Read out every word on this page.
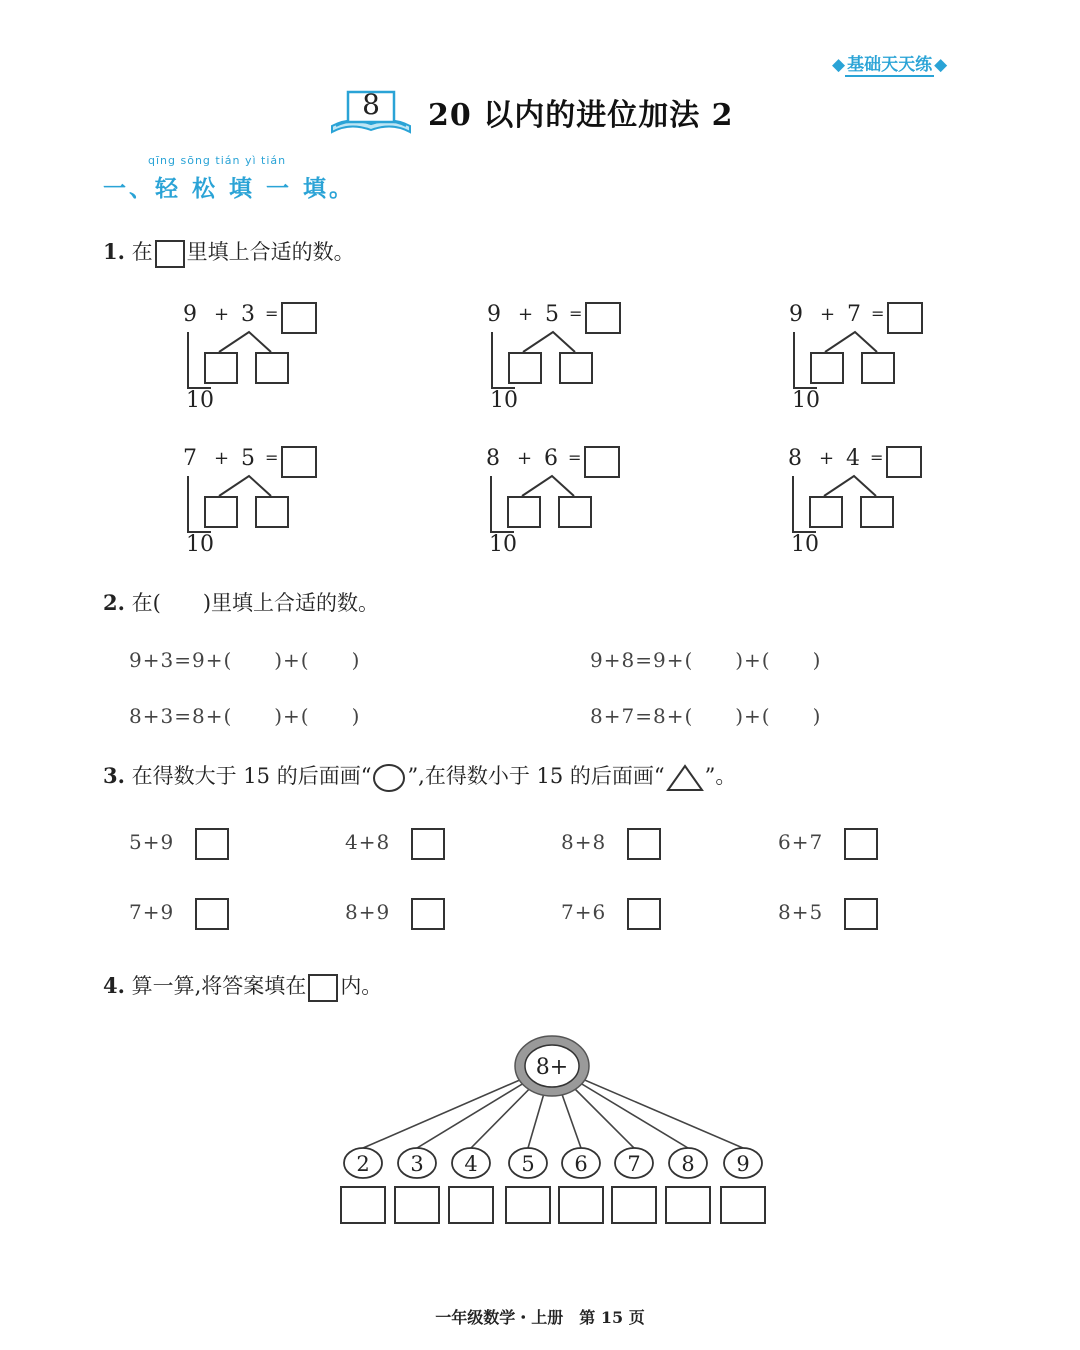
◆ 基础天天练 ◆
8	20 以内的进位加法 2
qīng sōng tián yì tián
一、轻 松 填 一 填。
1. 在 里填上合适的数。
9 + 3 =
10
9 + 5 =
10
9 + 7 =
10
7 + 5 =
10
8 + 6 =
10
8 + 4 =
10
2. 在(　　)里填上合适的数。
9+3=9+(　　)+(　　)	9+8=9+(　　)+(　　)
8+3=8+(　　)+(　　)	8+7=8+(　　)+(　　)
3. 在得数大于 15 的后面画“ ”,在得数小于 15 的后面画“ ”。
5+9	4+8	8+8	6+7
7+9	8+9	7+6	8+5
4. 算一算,将答案填在 内。
8+
2 3 4 5 6 7 8 9
一年级数学・上册　第 15 页
